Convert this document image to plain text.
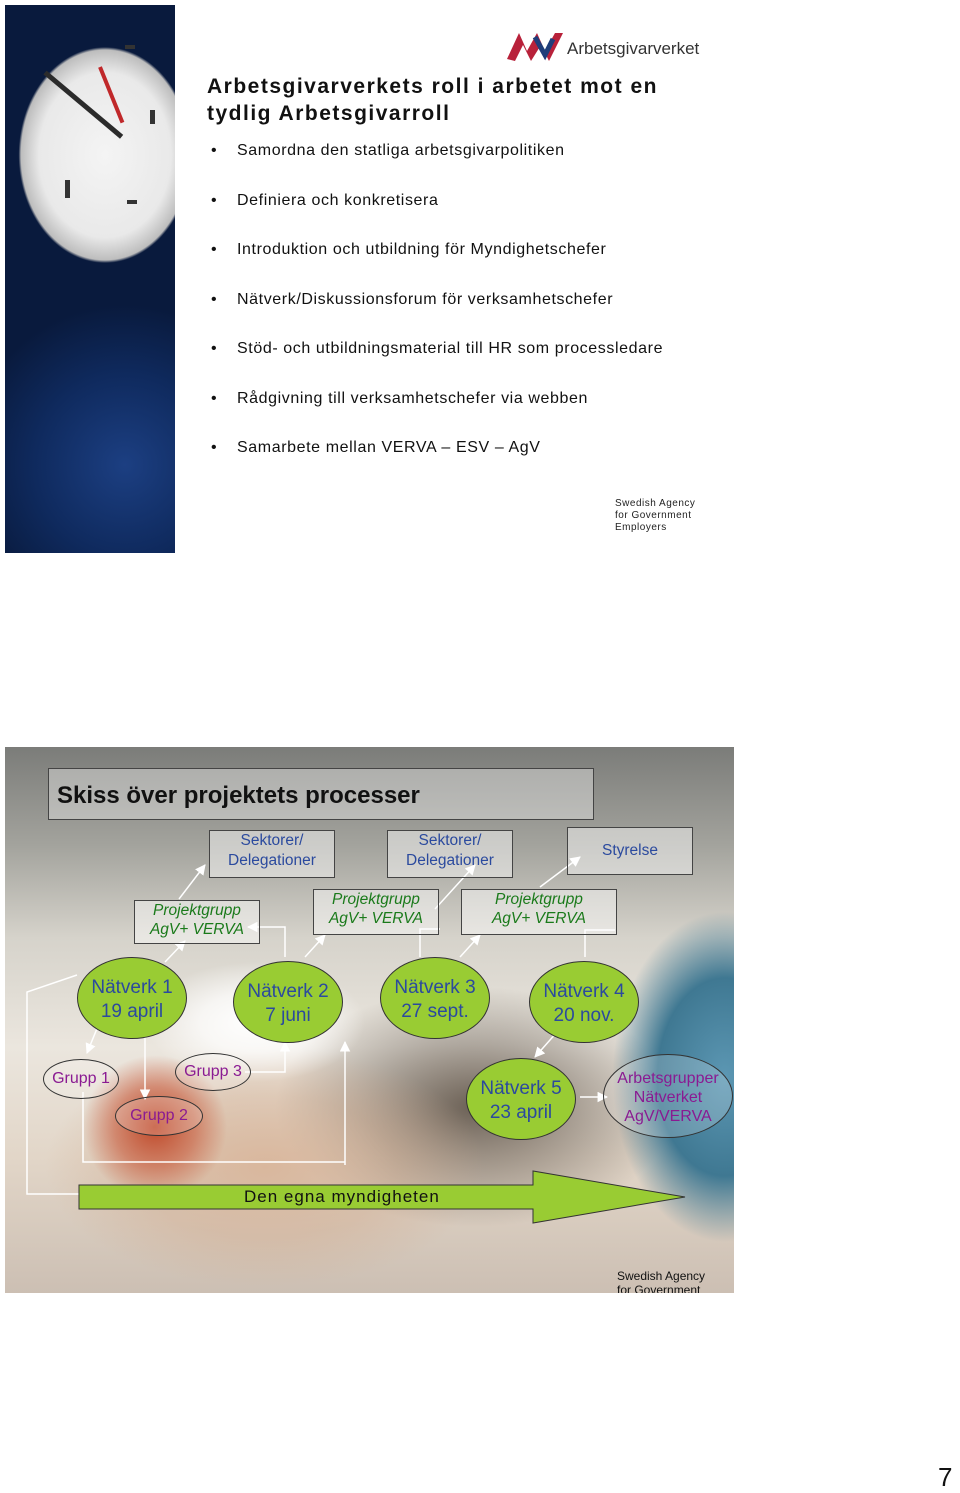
Arbetsgivarverket
Arbetsgivarverkets roll i arbetet mot en tydlig Arbetsgivarroll
• Samordna den statliga arbetsgivarpolitiken
• Definiera och konkretisera
• Introduktion och utbildning för Myndighetschefer
• Nätverk/Diskussionsforum för verksamhetschefer
• Stöd- och utbildningsmaterial till HR som processledare
• Rådgivning till verksamhetschefer via webben
• Samarbete mellan VERVA – ESV – AgV
Swedish Agency
for Government
Employers
Skiss över projektets processer
Sektorer/
Delegationer
Sektorer/
Delegationer
Styrelse
Projektgrupp
AgV+ VERVA
Projektgrupp
AgV+ VERVA
Projektgrupp
AgV+ VERVA
Nätverk 1
19 april
Nätverk 2
7 juni
Nätverk 3
27 sept.
Nätverk 4
20 nov.
Nätverk 5
23 april
Grupp 1
Grupp 2
Grupp 3	Arbetsgrupper
Nätverket
AgV/VERVA
Den egna myndigheten
Swedish Agency
for Government
7
